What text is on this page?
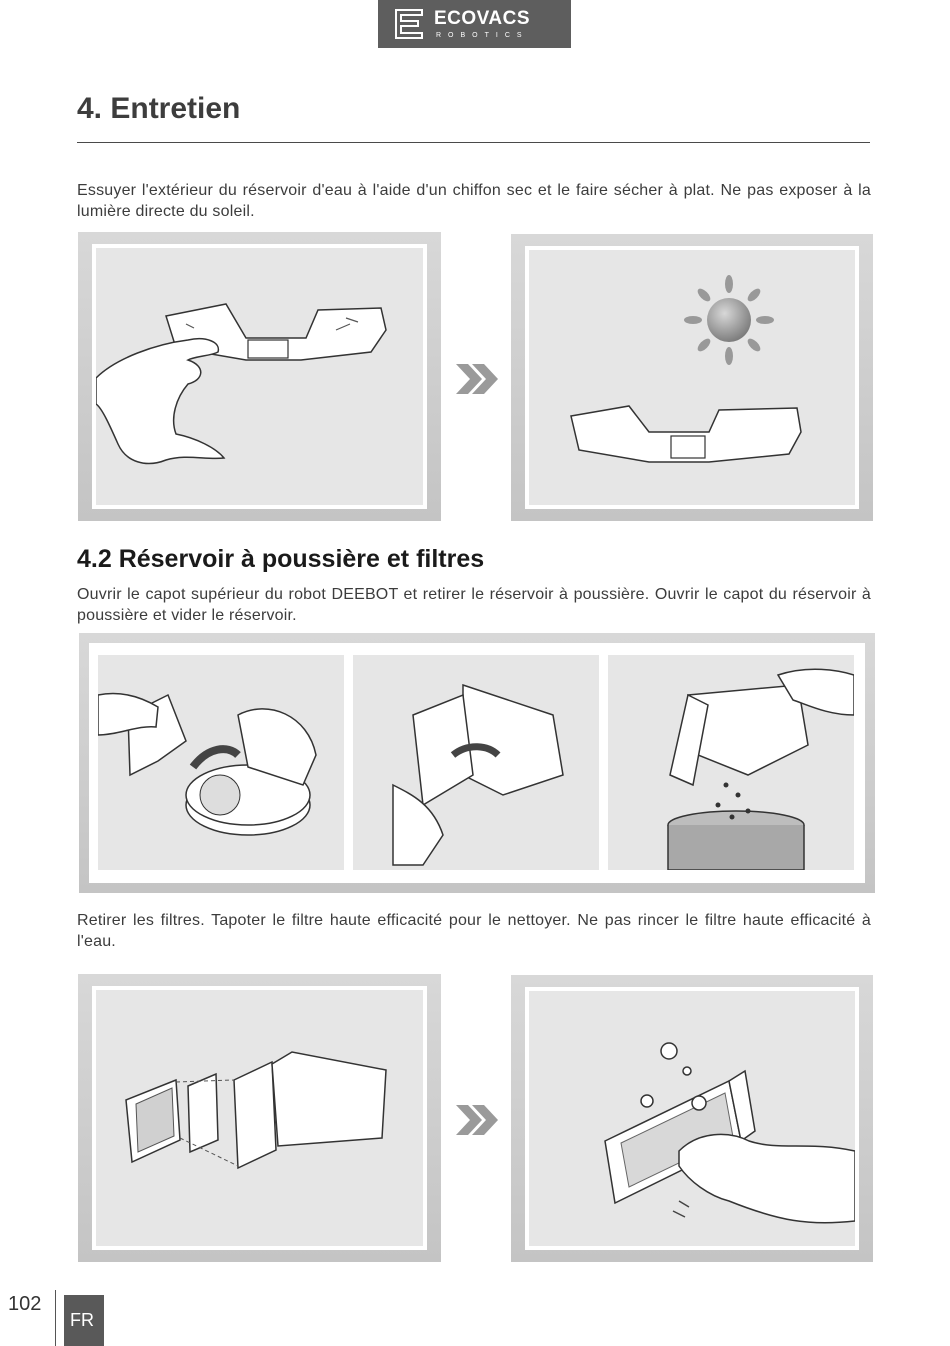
ECOVACS
ROBOTICS
4. Entretien

Essuyer l'extérieur du réservoir d'eau à l'aide d'un chiffon sec et le faire sécher à plat. Ne pas exposer à la lumière directe du soleil.

4.2 Réservoir à poussière et filtres

Ouvrir le capot supérieur du robot DEEBOT et retirer le réservoir à poussière. Ouvrir le capot du réservoir à poussière et vider le réservoir.

Retirer les filtres. Tapoter le filtre haute efficacité pour le nettoyer. Ne pas rincer le filtre haute efficacité à l'eau.

102
FR
